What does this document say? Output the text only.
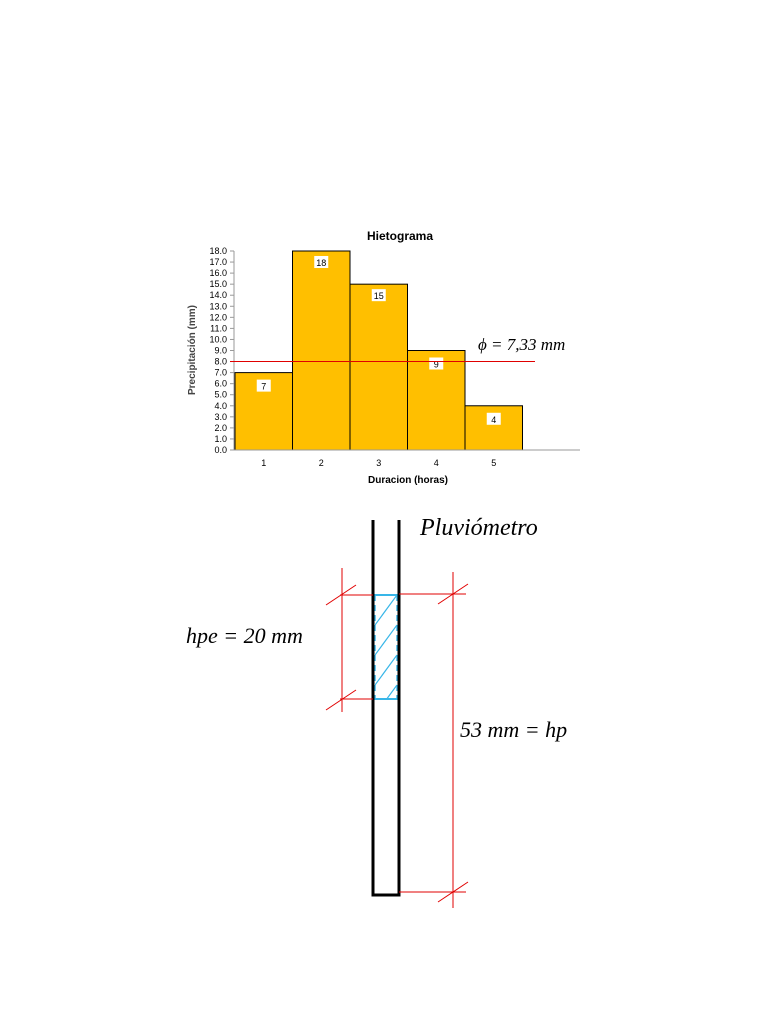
Hietograma
Precipitación (mm)
Duracion (horas)
7
18
15
9
4
0.0
1.0
2.0
3.0
4.0
5.0
6.0
7.0
8.0
9.0
10.0
11.0
12.0
13.0
14.0
15.0
16.0
17.0
18.0
1	2	3	4	5
ϕ = 7,33 mm
Pluviómetro
hpe = 20 mm
53 mm = hp
